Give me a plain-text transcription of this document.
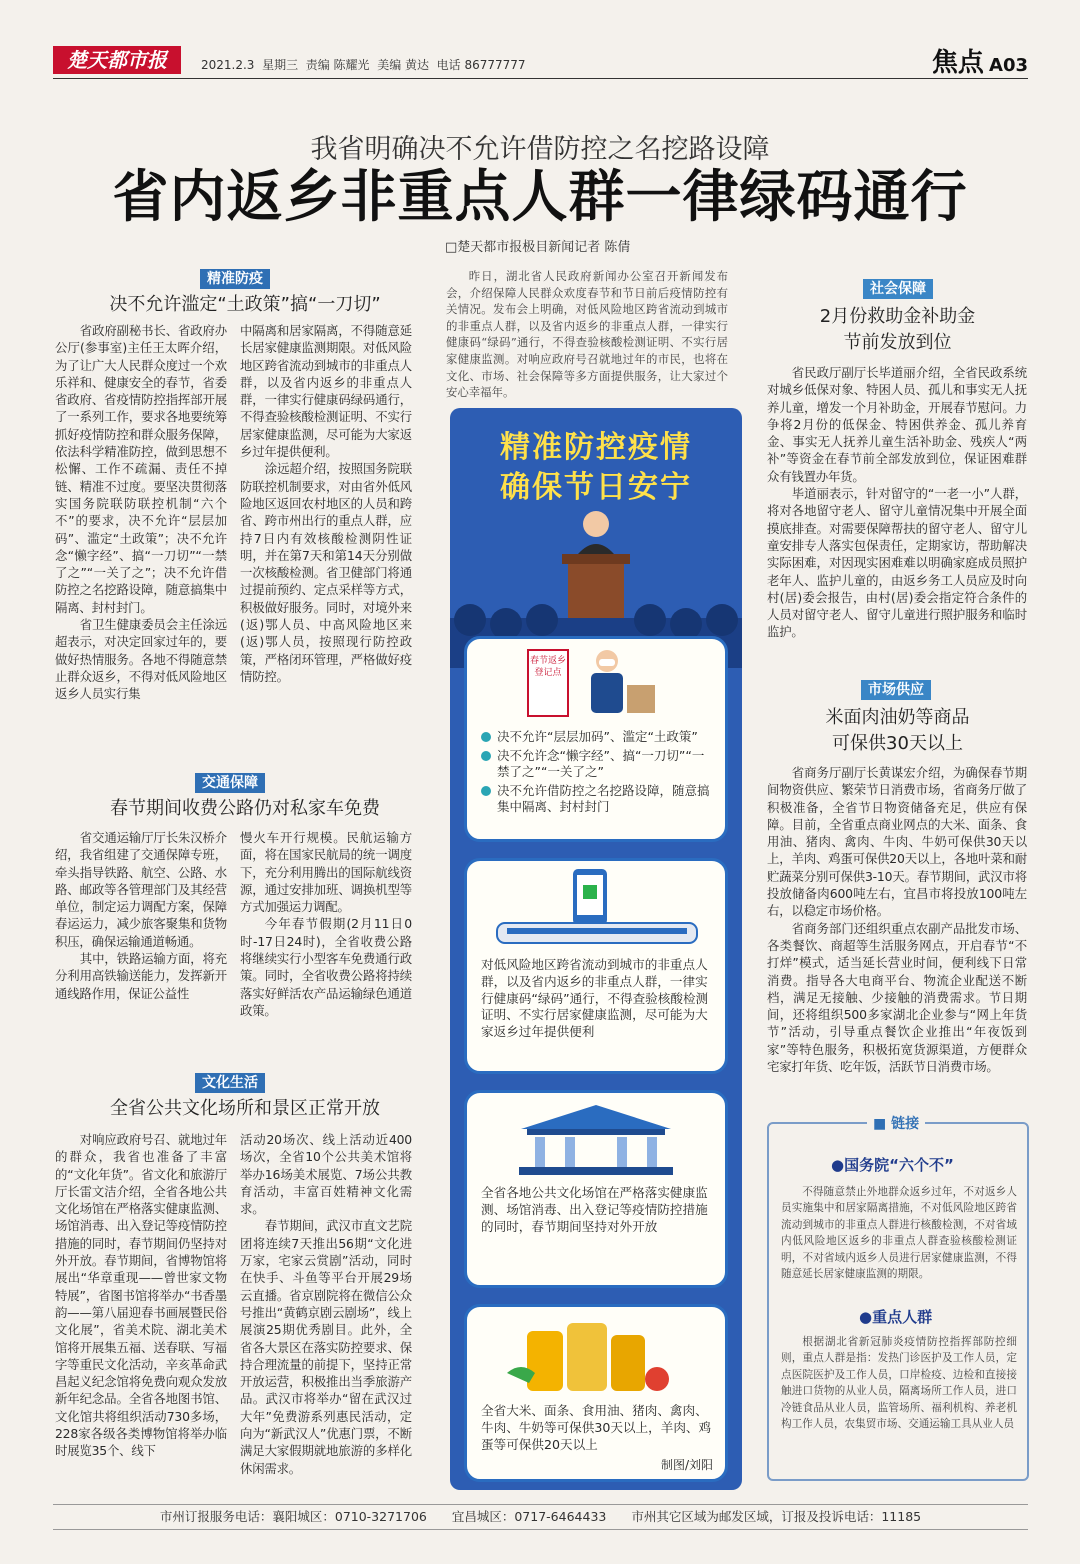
楚天都市报	2021.2.3 星期三 责编 陈耀光 美编 黄达 电话 86777777	焦点 A03
我省明确决不允许借防控之名挖路设障
省内返乡非重点人群一律绿码通行
□楚天都市报极目新闻记者 陈倩
精准防疫
决不允许滥定“土政策”搞“一刀切”

省政府副秘书长、省政府办公厅(参事室)主任王太晖介绍，为了让广大人民群众度过一个欢乐祥和、健康安全的春节，省委省政府、省疫情防控指挥部开展了一系列工作，要求各地要统筹抓好疫情防控和群众服务保障，依法科学精准防控，做到思想不松懈、工作不疏漏、责任不掉链、精准不过度。要坚决贯彻落实国务院联防联控机制“六个不”的要求，决不允许“层层加码”、滥定“土政策”；决不允许念“懒字经”、搞“一刀切”“一禁了之”“一关了之”；决不允许借防控之名挖路设障，随意搞集中隔离、封村封门。

省卫生健康委员会主任涂远超表示，对决定回家过年的，要做好热情服务。各地不得随意禁止群众返乡，不得对低风险地区返乡人员实行集

中隔离和居家隔离，不得随意延长居家健康监测期限。对低风险地区跨省流动到城市的非重点人群，以及省内返乡的非重点人群，一律实行健康码绿码通行，不得查验核酸检测证明、不实行居家健康监测，尽可能为大家返乡过年提供便利。

涂远超介绍，按照国务院联防联控机制要求，对由省外低风险地区返回农村地区的人员和跨省、跨市州出行的重点人群，应持7日内有效核酸检测阴性证明，并在第7天和第14天分别做一次核酸检测。省卫健部门将通过提前预约、定点采样等方式，积极做好服务。同时，对境外来(返)鄂人员、中高风险地区来(返)鄂人员，按照现行防控政策，严格闭环管理，严格做好疫情防控。

交通保障
春节期间收费公路仍对私家车免费

省交通运输厅厅长朱汉桥介绍，我省组建了交通保障专班，牵头指导铁路、航空、公路、水路、邮政等各管理部门及其经营单位，制定运力调配方案，保障春运运力，减少旅客聚集和货物积压，确保运输通道畅通。

其中，铁路运输方面，将充分利用高铁输送能力，发挥新开通线路作用，保证公益性

慢火车开行规模。民航运输方面，将在国家民航局的统一调度下，充分利用腾出的国际航线资源，通过安排加班、调换机型等方式加强运力调配。

今年春节假期(2月11日0时-17日24时)，全省收费公路将继续实行小型客车免费通行政策。同时，全省收费公路将持续落实好鲜活农产品运输绿色通道政策。

文化生活
全省公共文化场所和景区正常开放

对响应政府号召、就地过年的群众，我省也准备了丰富的“文化年货”。省文化和旅游厅厅长雷文洁介绍，全省各地公共文化场馆在严格落实健康监测、场馆消毒、出入登记等疫情防控措施的同时，春节期间仍坚持对外开放。春节期间，省博物馆将展出“华章重现——曾世家文物特展”，省图书馆将举办“书香墨韵——第八届迎春书画展暨民俗文化展”，省美术院、湖北美术馆将开展集五福、送春联、写福字等重民文化活动，辛亥革命武昌起义纪念馆将免费向观众发放新年纪念品。全省各地图书馆、文化馆共将组织活动730多场，228家各级各类博物馆将举办临时展览35个、线下

活动20场次、线上活动近400场次，全省10个公共美术馆将举办16场美术展览、7场公共教育活动，丰富百姓精神文化需求。

春节期间，武汉市直文艺院团将连续7天推出56期“文化进万家，宅家云赏剧”活动，同时在快手、斗鱼等平台开展29场云直播。省京剧院将在微信公众号推出“黄鹤京剧云剧场”，线上展演25期优秀剧目。此外，全省各大景区在落实防控要求、保持合理流量的前提下，坚持正常开放运营，积极推出当季旅游产品。武汉市将举办“留在武汉过大年”免费游系列惠民活动，定向为“新武汉人”优惠门票，不断满足大家假期就地旅游的多样化休闲需求。

昨日，湖北省人民政府新闻办公室召开新闻发布会，介绍保障人民群众欢度春节和节日前后疫情防控有关情况。发布会上明确，对低风险地区跨省流动到城市的非重点人群，以及省内返乡的非重点人群，一律实行健康码“绿码”通行，不得查验核酸检测证明、不实行居家健康监测。对响应政府号召就地过年的市民，也将在文化、市场、社会保障等多方面提供服务，让大家过个安心幸福年。
精准防控疫情
确保节日安宁
春节返乡
登记点
决不允许“层层加码”、滥定“土政策”
决不允许念“懒字经”、搞“一刀切”“一禁了之”“一关了之”
决不允许借防控之名挖路设障，随意搞集中隔离、封村封门
对低风险地区跨省流动到城市的非重点人群，以及省内返乡的非重点人群，一律实行健康码“绿码”通行，不得查验核酸检测证明、不实行居家健康监测，尽可能为大家返乡过年提供便利
全省各地公共文化场馆在严格落实健康监测、场馆消毒、出入登记等疫情防控措施的同时，春节期间坚持对外开放
全省大米、面条、食用油、猪肉、禽肉、牛肉、牛奶等可保供30天以上，羊肉、鸡蛋等可保供20天以上
制图/刘阳
社会保障
2月份救助金补助金
节前发放到位

省民政厅副厅长毕道丽介绍，全省民政系统对城乡低保对象、特困人员、孤儿和事实无人抚养儿童，增发一个月补助金，开展春节慰问。力争将2月份的低保金、特困供养金、孤儿养育金、事实无人抚养儿童生活补助金、残疾人“两补”等资金在春节前全部发放到位，保证困难群众有钱置办年货。

毕道丽表示，针对留守的“一老一小”人群，将对各地留守老人、留守儿童情况集中开展全面摸底排查。对需要保障帮扶的留守老人、留守儿童安排专人落实包保责任，定期家访，帮助解决实际困难，对因现实困难难以明确家庭成员照护老年人、监护儿童的，由返乡务工人员应及时向村(居)委会报告，由村(居)委会指定符合条件的人员对留守老人、留守儿童进行照护服务和临时监护。

市场供应
米面肉油奶等商品
可保供30天以上

省商务厅副厅长黄谋宏介绍，为确保春节期间物资供应、繁荣节日消费市场，省商务厅做了积极准备，全省节日物资储备充足，供应有保障。目前，全省重点商业网点的大米、面条、食用油、猪肉、禽肉、牛肉、牛奶可保供30天以上，羊肉、鸡蛋可保供20天以上，各地叶菜和耐贮蔬菜分别可保供3-10天。春节期间，武汉市将投放储备肉600吨左右，宜昌市将投放100吨左右，以稳定市场价格。

省商务部门还组织重点农副产品批发市场、各类餐饮、商超等生活服务网点，开启春节“不打烊”模式，适当延长营业时间，便利线下日常消费。指导各大电商平台、物流企业配送不断档，满足无接触、少接触的消费需求。节日期间，还将组织500多家湖北企业参与“网上年货节”活动，引导重点餐饮企业推出“年夜饭到家”等特色服务，积极拓宽货源渠道，方便群众宅家打年货、吃年饭，活跃节日消费市场。

■ 链接
●国务院“六个不”
不得随意禁止外地群众返乡过年，不对返乡人员实施集中和居家隔离措施，不对低风险地区跨省流动到城市的非重点人群进行核酸检测，不对省域内低风险地区返乡的非重点人群查验核酸检测证明，不对省域内返乡人员进行居家健康监测，不得随意延长居家健康监测的期限。
●重点人群
根据湖北省新冠肺炎疫情防控指挥部防控细则，重点人群是指：发热门诊医护及工作人员，定点医院医护及工作人员，口岸检疫、边检和直接接触进口货物的从业人员，隔离场所工作人员，进口冷链食品从业人员，监管场所、福利机构、养老机构工作人员，农集贸市场、交通运输工具从业人员
市州订报服务电话：襄阳城区：0710-3271706　　宜昌城区：0717-6464433　　市州其它区域为邮发区域，订报及投诉电话：11185
